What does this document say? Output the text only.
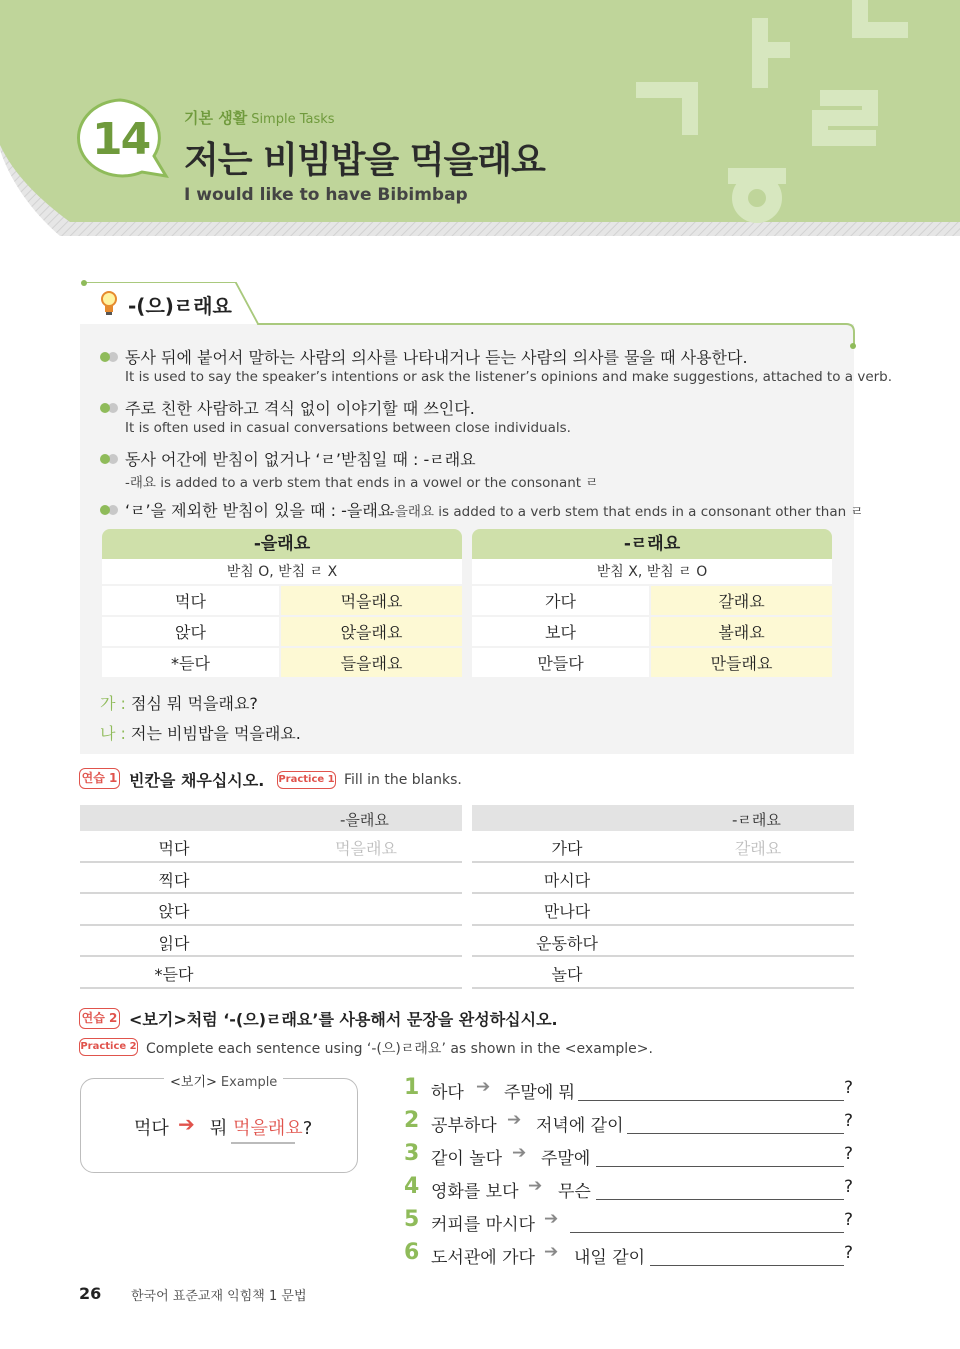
14 기본 생활 Simple Tasks
저는 비빔밥을 먹을래요
I would like to have Bibimbap
-(으)ㄹ래요
동사 뒤에 붙어서 말하는 사람의 의사를 나타내거나 듣는 사람의 의사를 물을 때 사용한다.
It is used to say the speaker’s intentions or ask the listener’s opinions and make suggestions, attached to a verb.
주로 친한 사람하고 격식 없이 이야기할 때 쓰인다.
It is often used in casual conversations between close individuals.
동사 어간에 받침이 없거나 ‘ㄹ’받침일 때 : -ㄹ래요
-래요 is added to a verb stem that ends in a vowel or the consonant ㄹ
‘ㄹ’을 제외한 받침이 있을 때 : -을래요
-을래요 is added to a verb stem that ends in a consonant other than ㄹ
-을래요
받침 O, 받침 ㄹ X
먹다	먹을래요
앉다	앉을래요
*듣다	들을래요
-ㄹ래요
받침 X, 받침 ㄹ O
가다	갈래요
보다	볼래요
만들다	만들래요
가 : 점심 뭐 먹을래요?
나 : 저는 비빔밥을 먹을래요.
연습 1 빈칸을 채우십시오. Practice 1 Fill in the blanks.
-을래요
먹다	먹을래요
찍다
앉다
읽다
*듣다
-ㄹ래요
가다	갈래요
마시다
만나다
운동하다
놀다
연습 2 <보기>처럼 ‘-(으)ㄹ래요’를 사용해서 문장을 완성하십시오.
Practice 2 Complete each sentence using ‘-(으)ㄹ래요’ as shown in the <example>.
<보기> Example
먹다 ➔ 뭐 먹을래요?
1 하다 ➔ 주말에 뭐	?
2 공부하다 ➔ 저녁에 같이	?
3 같이 놀다 ➔ 주말에	?
4 영화를 보다 ➔ 무슨	?
5 커피를 마시다 ➔	?
6 도서관에 가다 ➔ 내일 같이	?
26 한국어 표준교재 익힘책 1 문법
